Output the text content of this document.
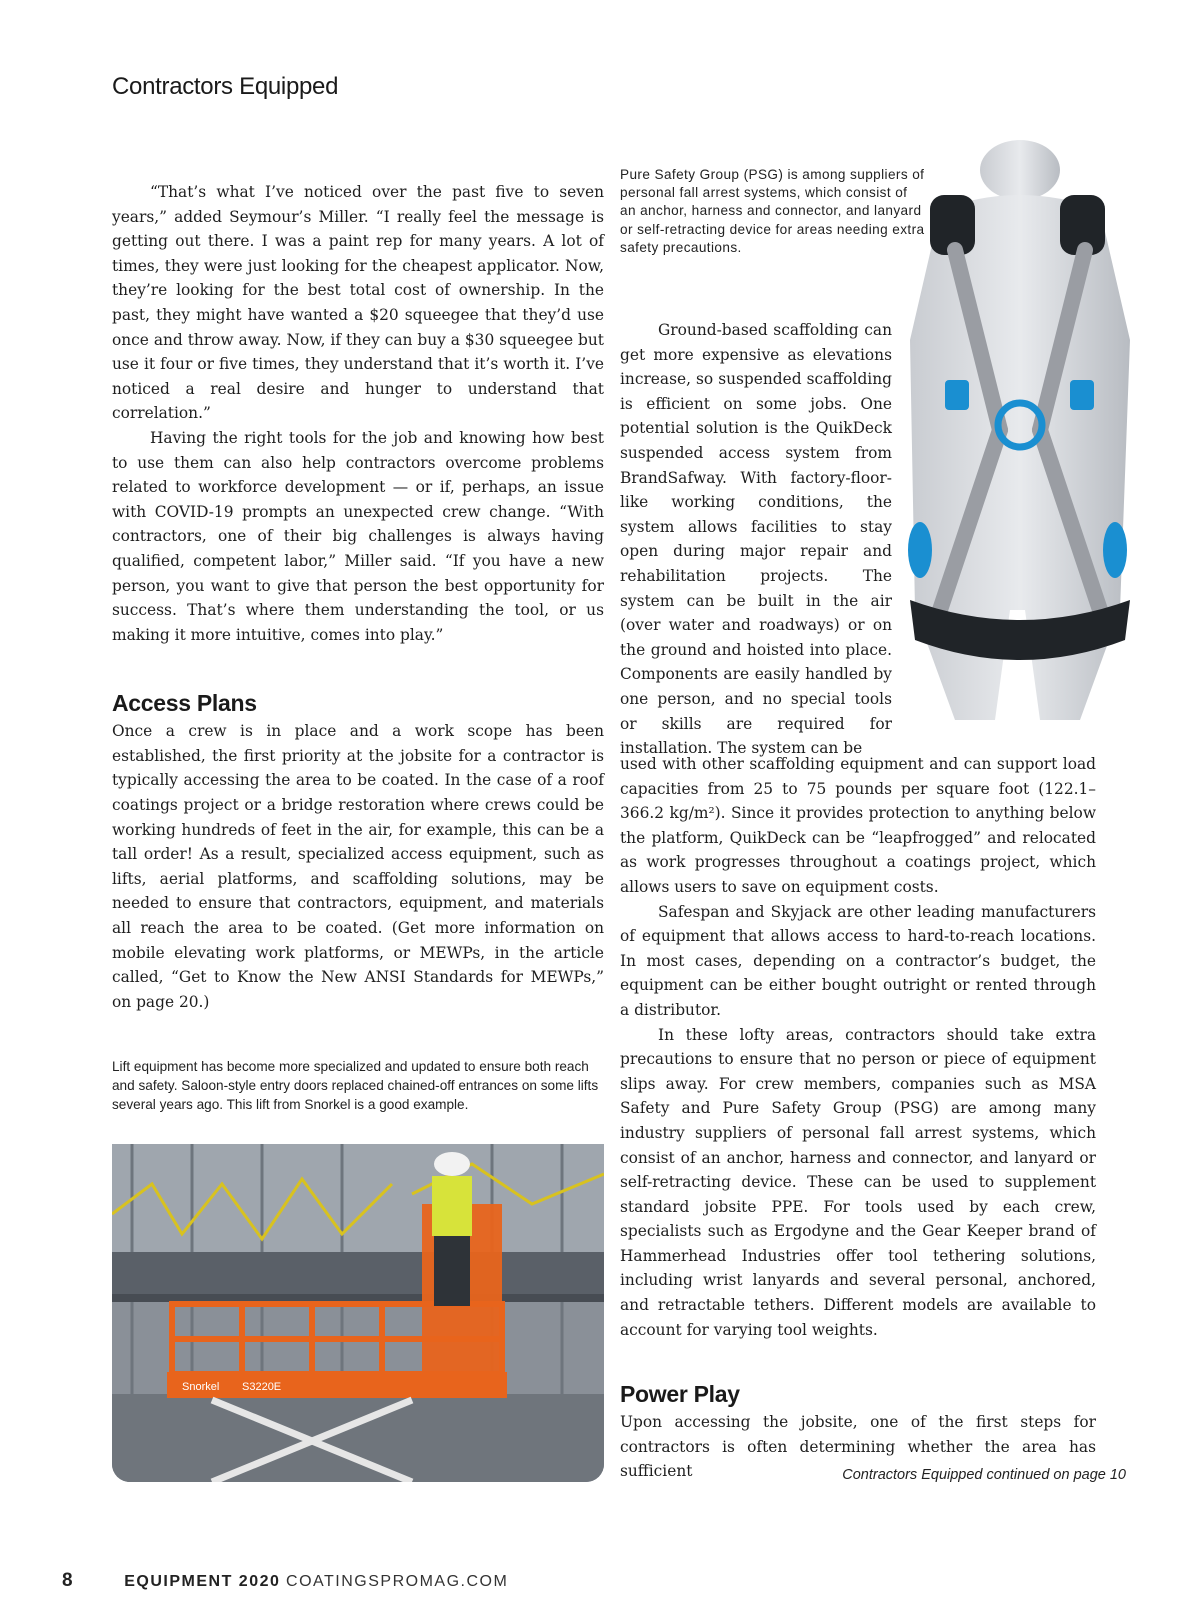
Contractors Equipped

“That’s what I’ve noticed over the past five to seven years,” added Seymour’s Miller. “I really feel the message is getting out there. I was a paint rep for many years. A lot of times, they were just looking for the cheapest applicator. Now, they’re looking for the best total cost of ownership. In the past, they might have wanted a $20 squeegee that they’d use once and throw away. Now, if they can buy a $30 squeegee but use it four or five times, they understand that it’s worth it. I’ve noticed a real desire and hunger to understand that correlation.”

Having the right tools for the job and knowing how best to use them can also help contractors overcome problems related to workforce development — or if, perhaps, an issue with COVID-19 prompts an unexpected crew change. “With contractors, one of their big challenges is always having qualified, competent labor,” Miller said. “If you have a new person, you want to give that person the best opportunity for success. That’s where them understanding the tool, or us making it more intuitive, comes into play.”

Access Plans

Once a crew is in place and a work scope has been established, the first priority at the jobsite for a contractor is typically accessing the area to be coated. In the case of a roof coatings project or a bridge restoration where crews could be working hundreds of feet in the air, for example, this can be a tall order! As a result, specialized access equipment, such as lifts, aerial platforms, and scaffolding solutions, may be needed to ensure that contractors, equipment, and materials all reach the area to be coated. (Get more information on mobile elevating work platforms, or MEWPs, in the article called, “Get to Know the New ANSI Standards for MEWPs,” on page 20.)

Lift equipment has become more specialized and updated to ensure both reach and safety. Saloon-style entry doors replaced chained-off entrances on some lifts several years ago. This lift from Snorkel is a good example.

Snorkel S3220E

Pure Safety Group (PSG) is among suppliers of personal fall arrest systems, which consist of an anchor, harness and connector, and lanyard or self-retracting device for areas needing extra safety precautions.

Ground-based scaffolding can get more expensive as elevations increase, so suspended scaffolding is efficient on some jobs. One potential solution is the QuikDeck suspended access system from BrandSafway. With factory-floor-like working conditions, the system allows facilities to stay open during major repair and rehabilitation projects. The system can be built in the air (over water and roadways) or on the ground and hoisted into place. Components are easily handled by one person, and no special tools or skills are required for installation. The system can be

used with other scaffolding equipment and can support load capacities from 25 to 75 pounds per square foot (122.1–366.2 kg/m²). Since it provides protection to anything below the platform, QuikDeck can be “leapfrogged” and relocated as work progresses throughout a coatings project, which allows users to save on equipment costs.

Safespan and Skyjack are other leading manufacturers of equipment that allows access to hard-to-reach locations. In most cases, depending on a contractor’s budget, the equipment can be either bought outright or rented through a distributor.

In these lofty areas, contractors should take extra precautions to ensure that no person or piece of equipment slips away. For crew members, companies such as MSA Safety and Pure Safety Group (PSG) are among many industry suppliers of personal fall arrest systems, which consist of an anchor, harness and connector, and lanyard or self-retracting device. These can be used to supplement standard jobsite PPE. For tools used by each crew, specialists such as Ergodyne and the Gear Keeper brand of Hammerhead Industries offer tool tethering solutions, including wrist lanyards and several personal, anchored, and retractable tethers. Different models are available to account for varying tool weights.

Power Play

Upon accessing the jobsite, one of the first steps for contractors is often determining whether the area has sufficient	Contractors Equipped continued on page 10
8	EQUIPMENT 2020 COATINGSPROMAG.COM
